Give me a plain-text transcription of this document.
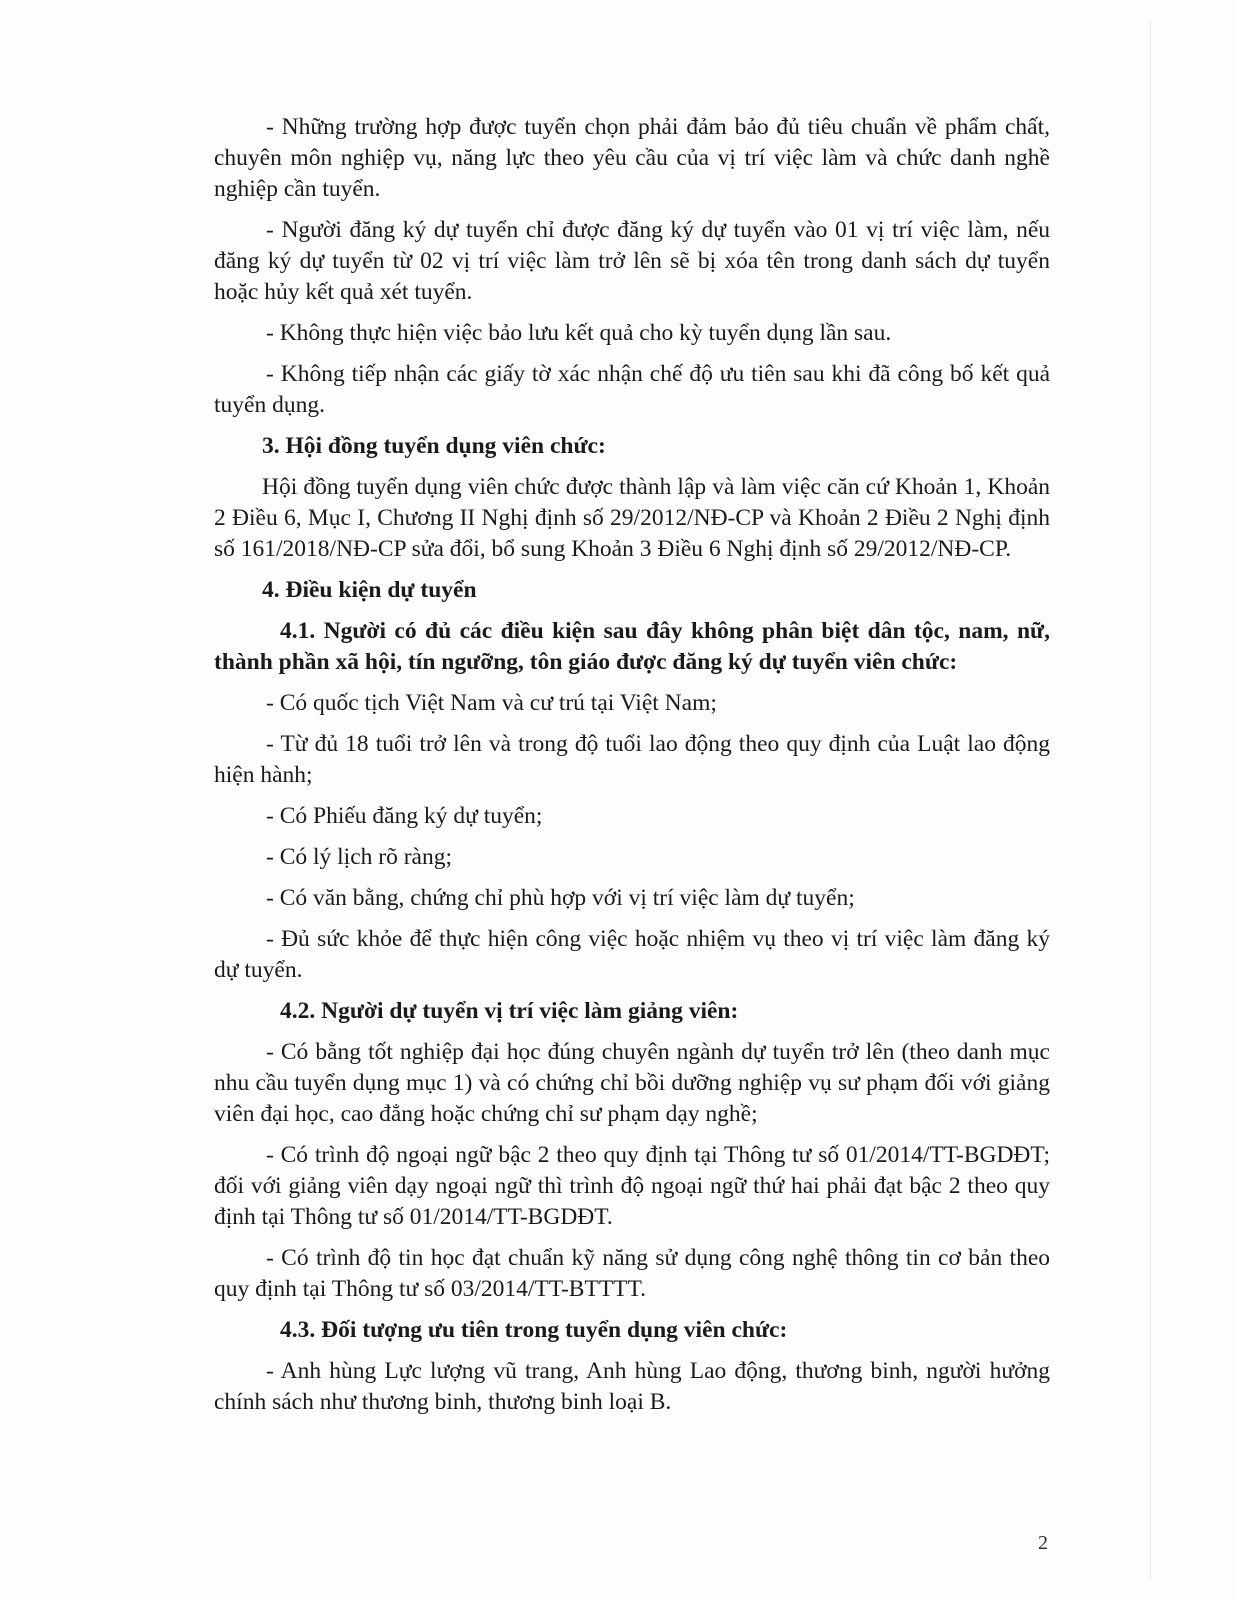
- Những trường hợp được tuyển chọn phải đảm bảo đủ tiêu chuẩn về phẩm chất, chuyên môn nghiệp vụ, năng lực theo yêu cầu của vị trí việc làm và chức danh nghề nghiệp cần tuyển.

- Người đăng ký dự tuyển chỉ được đăng ký dự tuyển vào 01 vị trí việc làm, nếu đăng ký dự tuyển từ 02 vị trí việc làm trở lên sẽ bị xóa tên trong danh sách dự tuyển hoặc hủy kết quả xét tuyển.

- Không thực hiện việc bảo lưu kết quả cho kỳ tuyển dụng lần sau.

- Không tiếp nhận các giấy tờ xác nhận chế độ ưu tiên sau khi đã công bố kết quả tuyển dụng.

3. Hội đồng tuyển dụng viên chức:

Hội đồng tuyển dụng viên chức được thành lập và làm việc căn cứ Khoản 1, Khoản 2 Điều 6, Mục I, Chương II Nghị định số 29/2012/NĐ-CP và Khoản 2 Điều 2 Nghị định số 161/2018/NĐ-CP sửa đổi, bổ sung Khoản 3 Điều 6 Nghị định số 29/2012/NĐ-CP.

4. Điều kiện dự tuyển

4.1. Người có đủ các điều kiện sau đây không phân biệt dân tộc, nam, nữ, thành phần xã hội, tín ngưỡng, tôn giáo được đăng ký dự tuyển viên chức:

- Có quốc tịch Việt Nam và cư trú tại Việt Nam;

- Từ đủ 18 tuổi trở lên và trong độ tuổi lao động theo quy định của Luật lao động hiện hành;

- Có Phiếu đăng ký dự tuyển;

- Có lý lịch rõ ràng;

- Có văn bằng, chứng chỉ phù hợp với vị trí việc làm dự tuyển;

- Đủ sức khỏe để thực hiện công việc hoặc nhiệm vụ theo vị trí việc làm đăng ký dự tuyển.

4.2. Người dự tuyển vị trí việc làm giảng viên:

- Có bằng tốt nghiệp đại học đúng chuyên ngành dự tuyển trở lên (theo danh mục nhu cầu tuyển dụng mục 1) và có chứng chỉ bồi dưỡng nghiệp vụ sư phạm đối với giảng viên đại học, cao đẳng hoặc chứng chỉ sư phạm dạy nghề;

- Có trình độ ngoại ngữ bậc 2 theo quy định tại Thông tư số 01/2014/TT-BGDĐT; đối với giảng viên dạy ngoại ngữ thì trình độ ngoại ngữ thứ hai phải đạt bậc 2 theo quy định tại Thông tư số 01/2014/TT-BGDĐT.

- Có trình độ tin học đạt chuẩn kỹ năng sử dụng công nghệ thông tin cơ bản theo quy định tại Thông tư số 03/2014/TT-BTTTT.

4.3. Đối tượng ưu tiên trong tuyển dụng viên chức:

- Anh hùng Lực lượng vũ trang, Anh hùng Lao động, thương binh, người hưởng chính sách như thương binh, thương binh loại B.

2
